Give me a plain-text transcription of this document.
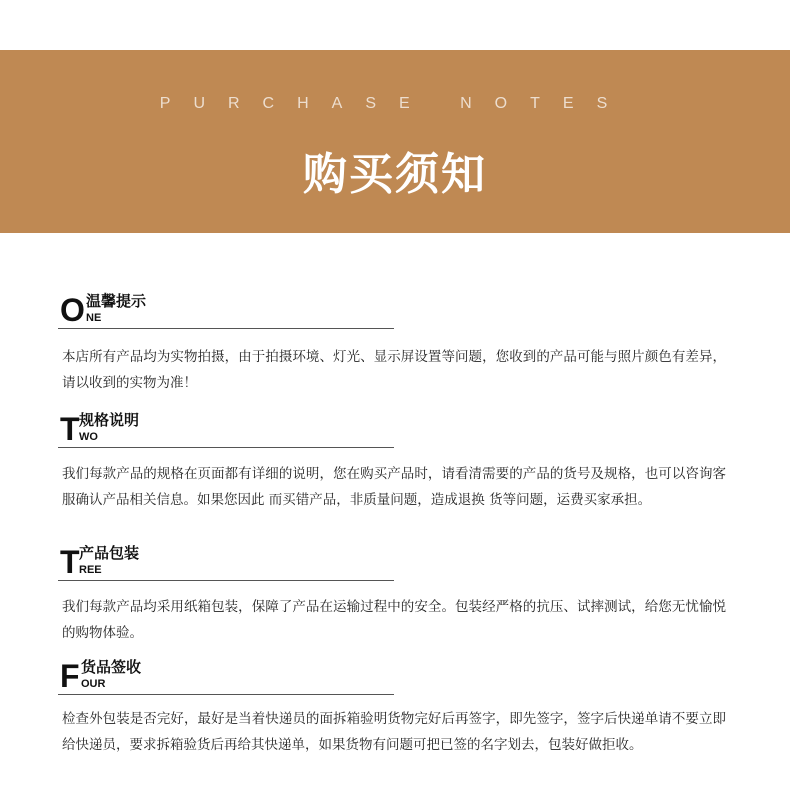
PURCHASE NOTES
购买须知
O 温馨提示
NE
本店所有产品均为实物拍摄，由于拍摄环境、灯光、显示屏设置等问题，您收到的产品可能与照片颜色有差异，请以收到的实物为准！
T 规格说明
WO
我们每款产品的规格在页面都有详细的说明，您在购买产品时，请看清需要的产品的货号及规格，也可以咨询客服确认产品相关信息。如果您因此 而买错产品，非质量问题，造成退换 货等问题，运费买家承担。
T 产品包装
REE
我们每款产品均采用纸箱包装，保障了产品在运输过程中的安全。包装经严格的抗压、试摔测试，给您无忧愉悦的购物体验。
F 货品签收
OUR
检查外包装是否完好，最好是当着快递员的面拆箱验明货物完好后再签字，即先签字，签字后快递单请不要立即给快递员，要求拆箱验货后再给其快递单，如果货物有问题可把已签的名字划去，包装好做拒收。
